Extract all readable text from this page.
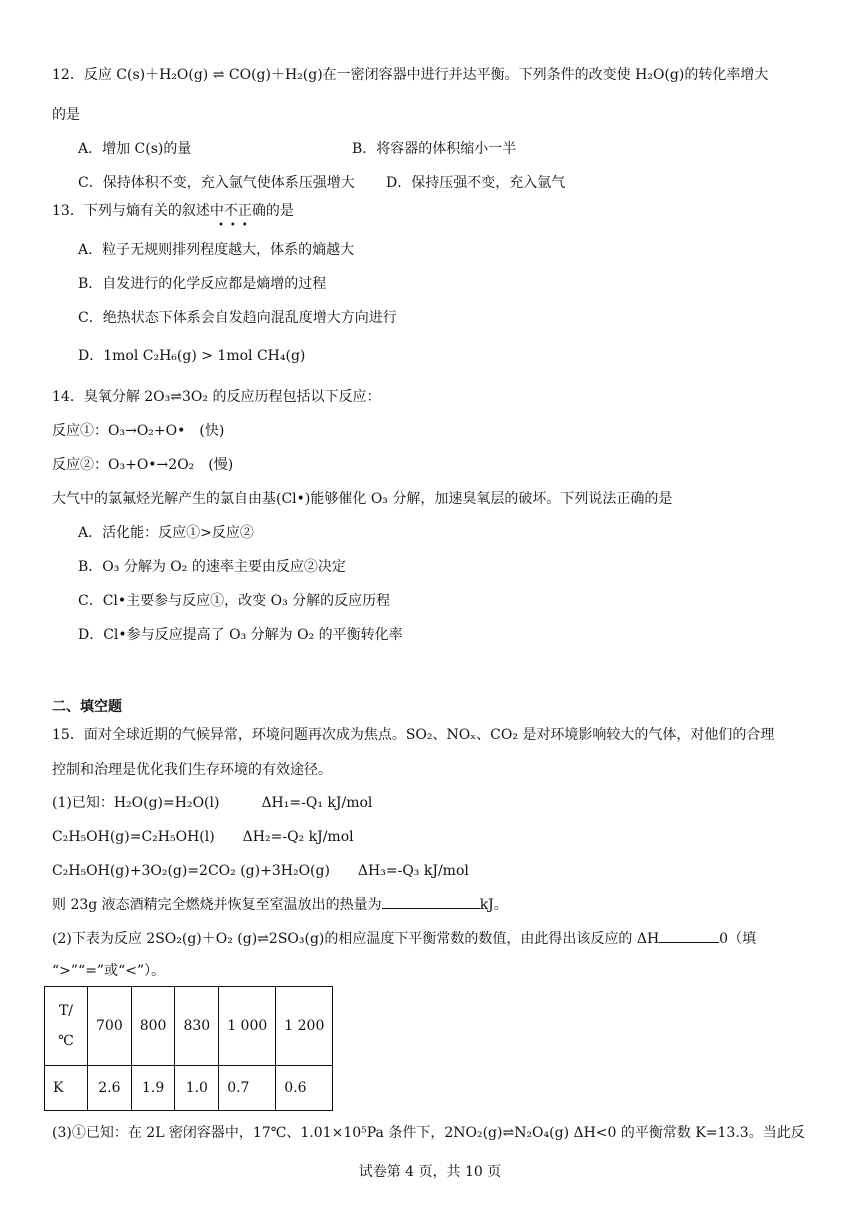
12．反应 C(s)＋H₂O(g) ⇌ CO(g)＋H₂(g)在一密闭容器中进行并达平衡。下列条件的改变使 H₂O(g)的转化率增大
的是
A．增加 C(s)的量	B．将容器的体积缩小一半
C．保持体积不变，充入氩气使体系压强增大 D．保持压强不变，充入氩气
13．下列与熵有关的叙述中不正确的是
•••
A．粒子无规则排列程度越大，体系的熵越大
B．自发进行的化学反应都是熵增的过程
C．绝热状态下体系会自发趋向混乱度增大方向进行
D．1mol C₂H₆(g) > 1mol CH₄(g)
14．臭氧分解 2O₃⇌3O₂ 的反应历程包括以下反应：
反应①：O₃→O₂+O•　(快)
反应②：O₃+O•→2O₂　(慢)
大气中的氯氟烃光解产生的氯自由基(Cl•)能够催化 O₃ 分解，加速臭氧层的破坏。下列说法正确的是
A．活化能：反应①>反应②
B．O₃ 分解为 O₂ 的速率主要由反应②决定
C．Cl•主要参与反应①，改变 O₃ 分解的反应历程
D．Cl•参与反应提高了 O₃ 分解为 O₂ 的平衡转化率
二、填空题
15．面对全球近期的气候异常，环境问题再次成为焦点。SO₂、NOₓ、CO₂ 是对环境影响较大的气体，对他们的合理
控制和治理是优化我们生存环境的有效途径。
(1)已知：H₂O(g)=H₂O(l)　　　ΔH₁=-Q₁ kJ/mol
C₂H₅OH(g)=C₂H₅OH(l)　　ΔH₂=-Q₂ kJ/mol
C₂H₅OH(g)+3O₂(g)=2CO₂ (g)+3H₂O(g)　　ΔH₃=-Q₃ kJ/mol
则 23g 液态酒精完全燃烧并恢复至室温放出的热量为	kJ。
(2)下表为反应 2SO₂(g)＋O₂ (g)⇌2SO₃(g)的相应温度下平衡常数的数值，由此得出该反应的 ΔH	0（填
“>”“=”或“<”）。
T/℃	700	800	830	1 000	1 200
K	2.6	1.9	1.0	0.7	0.6
(3)①已知：在 2L 密闭容器中，17℃、1.01×10⁵Pa 条件下，2NO₂(g)⇌N₂O₄(g) ΔH<0 的平衡常数 K=13.3。当此反
试卷第 4 页，共 10 页
